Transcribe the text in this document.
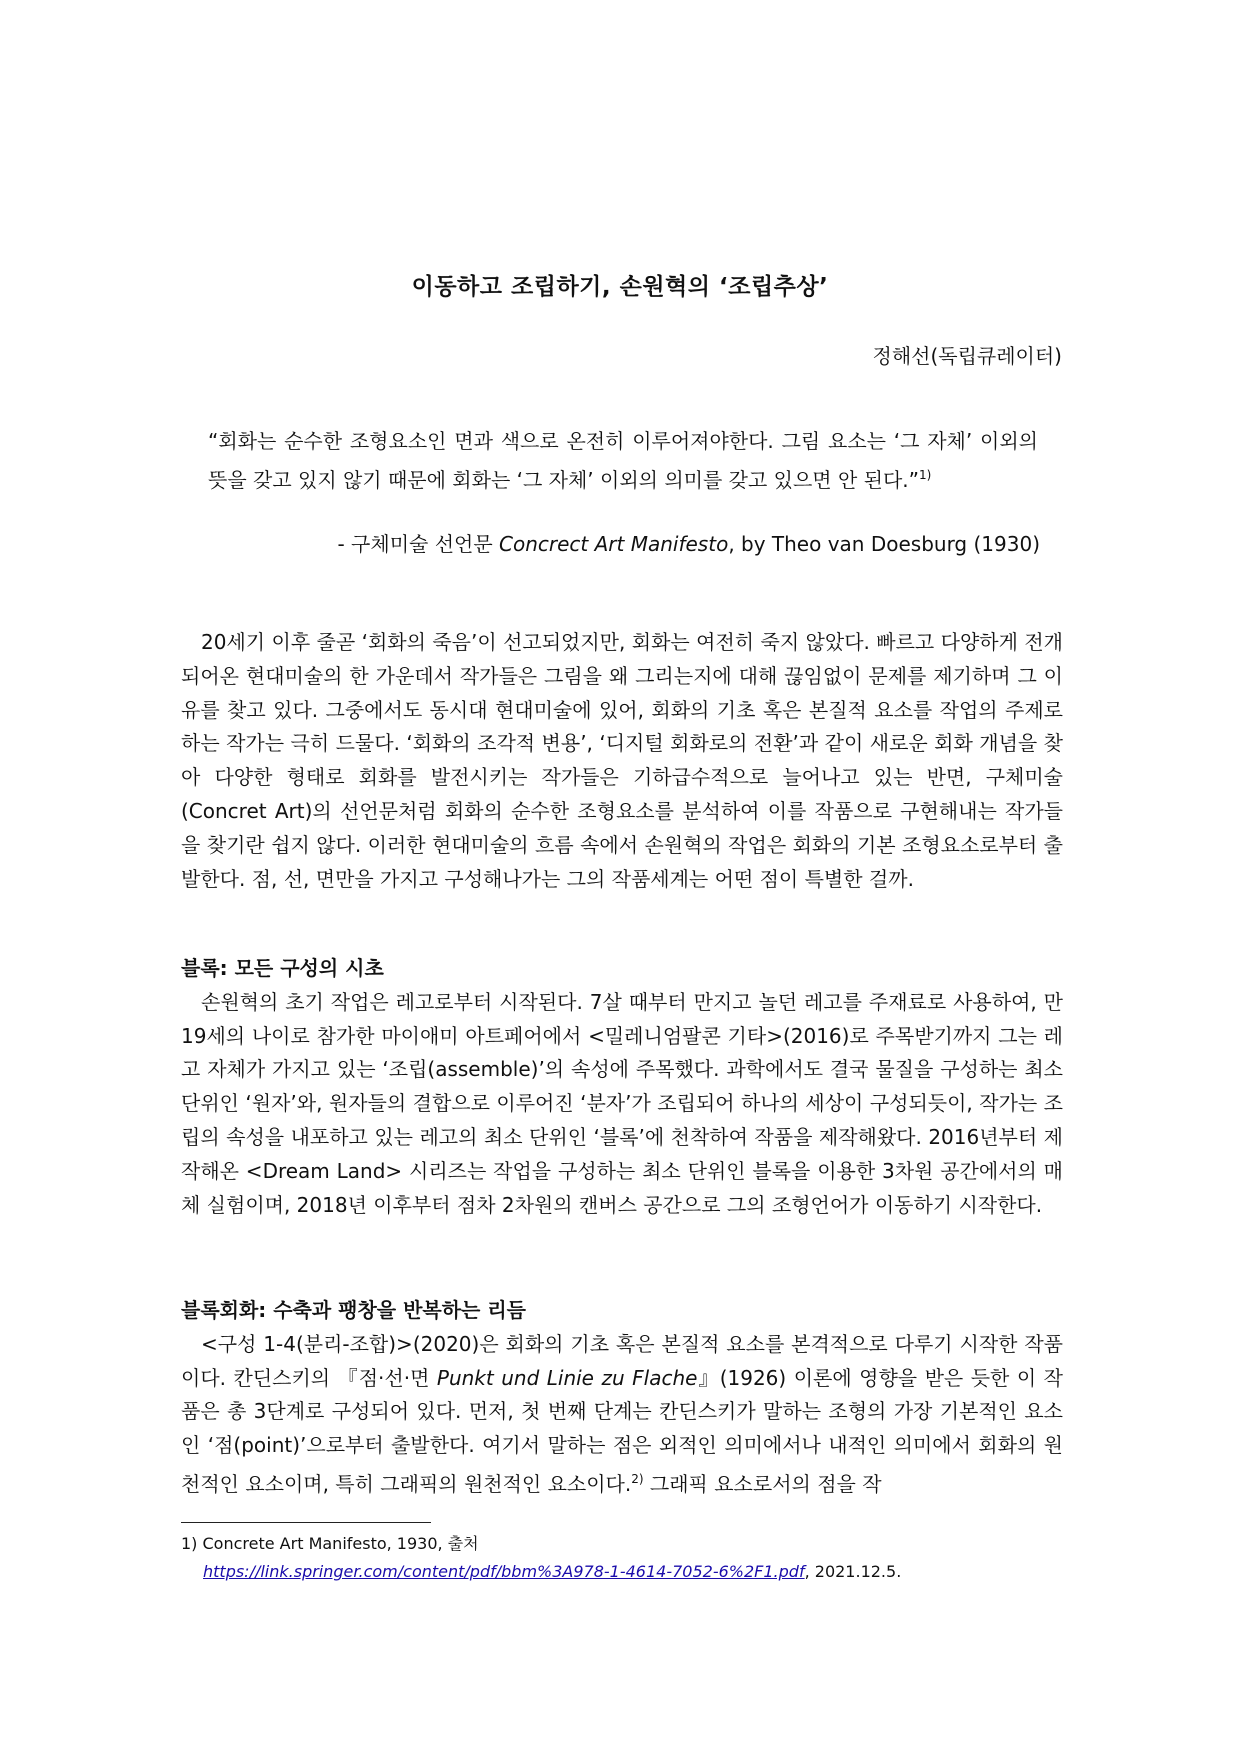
이동하고 조립하기, 손원혁의 ‘조립추상’
정해선(독립큐레이터)
“회화는 순수한 조형요소인 면과 색으로 온전히 이루어져야한다. 그림 요소는 ‘그 자체’ 이외의 뜻을 갖고 있지 않기 때문에 회화는 ‘그 자체’ 이외의 의미를 갖고 있으면 안 된다.”$^{1)}$
- 구체미술 선언문 Concrect Art Manifesto, by Theo van Doesburg (1930)

20세기 이후 줄곧 ‘회화의 죽음’이 선고되었지만, 회화는 여전히 죽지 않았다. 빠르고 다양하게 전개되어온 현대미술의 한 가운데서 작가들은 그림을 왜 그리는지에 대해 끊임없이 문제를 제기하며 그 이유를 찾고 있다. 그중에서도 동시대 현대미술에 있어, 회화의 기초 혹은 본질적 요소를 작업의 주제로 하는 작가는 극히 드물다. ‘회화의 조각적 변용’, ‘디지털 회화로의 전환’과 같이 새로운 회화 개념을 찾아 다양한 형태로 회화를 발전시키는 작가들은 기하급수적으로 늘어나고 있는 반면, 구체미술(Concret Art)의 선언문처럼 회화의 순수한 조형요소를 분석하여 이를 작품으로 구현해내는 작가들을 찾기란 쉽지 않다. 이러한 현대미술의 흐름 속에서 손원혁의 작업은 회화의 기본 조형요소로부터 출발한다. 점, 선, 면만을 가지고 구성해나가는 그의 작품세계는 어떤 점이 특별한 걸까.

블록: 모든 구성의 시초

손원혁의 초기 작업은 레고로부터 시작된다. 7살 때부터 만지고 놀던 레고를 주재료로 사용하여, 만 19세의 나이로 참가한 마이애미 아트페어에서 <밀레니엄팔콘 기타>(2016)로 주목받기까지 그는 레고 자체가 가지고 있는 ‘조립(assemble)’의 속성에 주목했다. 과학에서도 결국 물질을 구성하는 최소 단위인 ‘원자’와, 원자들의 결합으로 이루어진 ‘분자’가 조립되어 하나의 세상이 구성되듯이, 작가는 조립의 속성을 내포하고 있는 레고의 최소 단위인 ‘블록’에 천착하여 작품을 제작해왔다. 2016년부터 제작해온 <Dream Land> 시리즈는 작업을 구성하는 최소 단위인 블록을 이용한 3차원 공간에서의 매체 실험이며, 2018년 이후부터 점차 2차원의 캔버스 공간으로 그의 조형언어가 이동하기 시작한다.

블록회화: 수축과 팽창을 반복하는 리듬

<구성 1-4(분리-조합)>(2020)은 회화의 기초 혹은 본질적 요소를 본격적으로 다루기 시작한 작품이다. 칸딘스키의 『점·선·면 Punkt und Linie zu Flache』(1926) 이론에 영향을 받은 듯한 이 작품은 총 3단계로 구성되어 있다. 먼저, 첫 번째 단계는 칸딘스키가 말하는 조형의 가장 기본적인 요소인 ‘점(point)’으로부터 출발한다. 여기서 말하는 점은 외적인 의미에서나 내적인 의미에서 회화의 원천적인 요소이며, 특히 그래픽의 원천적인 요소이다.$^{2)}$ 그래픽 요소로서의 점을 작

1) Concrete Art Manifesto, 1930, 출처
https://link.springer.com/content/pdf/bbm%3A978-1-4614-7052-6%2F1.pdf, 2021.12.5.
